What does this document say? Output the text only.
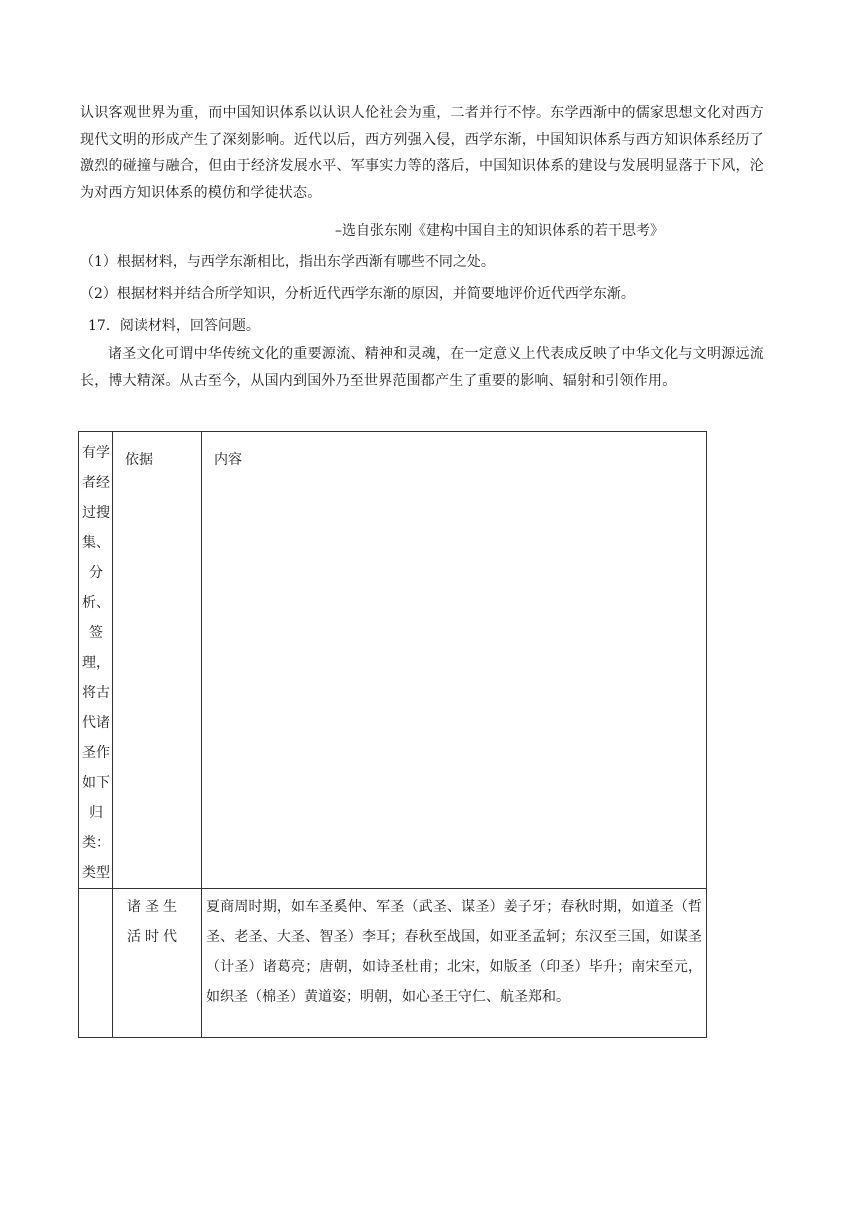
认识客观世界为重，而中国知识体系以认识人伦社会为重，二者并行不悖。东学西渐中的儒家思想文化对西方现代文明的形成产生了深刻影响。近代以后，西方列强入侵，西学东渐，中国知识体系与西方知识体系经历了激烈的碰撞与融合，但由于经济发展水平、军事实力等的落后，中国知识体系的建设与发展明显落于下风，沦为对西方知识体系的模仿和学徒状态。
–选自张东刚《建构中国自主的知识体系的若干思考》
（1）根据材料，与西学东渐相比，指出东学西渐有哪些不同之处。
（2）根据材料并结合所学知识，分析近代西学东渐的原因，并简要地评价近代西学东渐。
17．阅读材料，回答问题。
诸圣文化可谓中华传统文化的重要源流、精神和灵魂，在一定意义上代表成反映了中华文化与文明源远流长，博大精深。从古至今，从国内到国外乃至世界范围都产生了重要的影响、辐射和引领作用。
有学者经过搜集、分析、签理，将古代诸圣作如下归类：类型	依据	内容

	诸圣生活时代	夏商周时期，如车圣奚仲、军圣（武圣、谋圣）姜子牙；春秋时期，如道圣（哲圣、老圣、大圣、智圣）李耳；春秋至战国，如亚圣孟轲；东汉至三国，如谋圣（计圣）诸葛亮；唐朝，如诗圣杜甫；北宋，如版圣（印圣）毕升；南宋至元，如织圣（棉圣）黄道姿；明朝，如心圣王守仁、航圣郑和。
